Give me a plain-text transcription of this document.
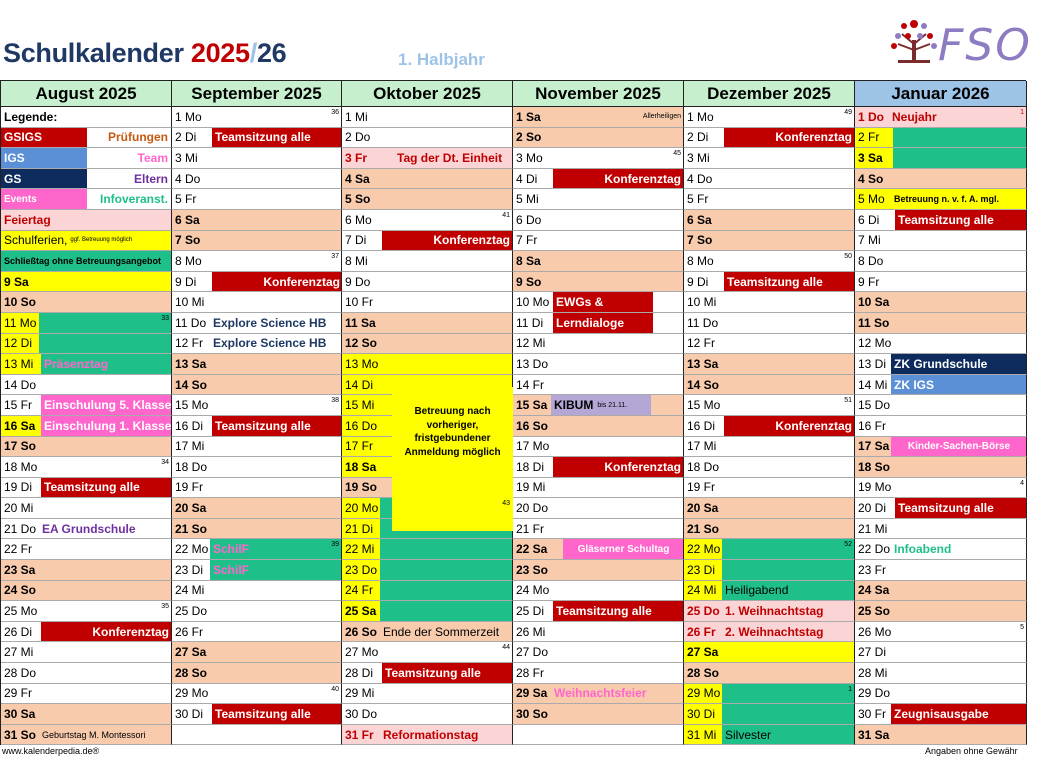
Schulkalender 2025/26	1. Halbjahr	FSO
August 2025
Legende:
GSIGS	Prüfungen
IGS	Team
GS	Eltern
Events	Infoveranst.
Feiertag
Schulferien, ggf. Betreuung möglich
Schließtag ohne Betreuungsangebot
9 Sa
10 So
11 Mo	33
12 Di
13 Mi Präsenztag
14 Do
15 Fr Einschulung 5. Klasse
16 Sa Einschulung 1. Klasse
17 So
18 Mo	34
19 Di Teamsitzung alle
20 Mi
21 Do EA Grundschule
22 Fr
23 Sa
24 So
25 Mo	35
26 Di	Konferenztag
27 Mi
28 Do
29 Fr
30 Sa
31 So Geburtstag M. Montessori
September 2025
1 Mo	36
2 Di Teamsitzung alle
3 Mi
4 Do
5 Fr
6 Sa
7 So
8 Mo	37
9 Di	Konferenztag
10 Mi
11 Do Explore Science HB
12 Fr Explore Science HB
13 Sa
14 So
15 Mo	38
16 Di Teamsitzung alle
17 Mi
18 Do
19 Fr
20 Sa
21 So
22 Mo SchilF	39
23 Di SchilF
24 Mi
25 Do
26 Fr
27 Sa
28 So
29 Mo	40
30 Di Teamsitzung alle
Oktober 2025
1 Mi
2 Do
3 Fr Tag der Dt. Einheit
4 Sa
5 So
6 Mo	41
7 Di	Konferenztag
8 Mi
9 Do
10 Fr
11 Sa
12 So
13 Mo
14 Di
15 Mi
16 Do
17 Fr
18 Sa
19 So
20 Mo	43
21 Di
22 Mi
23 Do
24 Fr
25 Sa
26 So Ende der Sommerzeit
27 Mo	44
28 Di Teamsitzung alle
29 Mi
30 Do
31 Fr Reformationstag
Betreuung nach vorheriger, fristgebundener Anmeldung möglich
November 2025
1 Sa	Allerheiligen
2 So
3 Mo	45
4 Di	Konferenztag
5 Mi
6 Do
7 Fr
8 Sa
9 So
10 Mo EWGs &
11 Di Lerndialoge
12 Mi
13 Do
14 Fr
15 Sa KIBUM bis 21.11.
16 So
17 Mo
18 Di	Konferenztag
19 Mi
20 Do
21 Fr
22 Sa	Gläserner Schultag
23 So
24 Mo
25 Di Teamsitzung alle
26 Mi
27 Do
28 Fr
29 Sa Weihnachtsfeier
30 So
Dezember 2025
1 Mo	49
2 Di	Konferenztag
3 Mi
4 Do
5 Fr
6 Sa
7 So
8 Mo	50
9 Di Teamsitzung alle
10 Mi
11 Do
12 Fr
13 Sa
14 So
15 Mo	51
16 Di	Konferenztag
17 Mi
18 Do
19 Fr
20 Sa
21 So
22 Mo	52
23 Di
24 Mi Heiligabend
25 Do 1. Weihnachtstag
26 Fr 2. Weihnachtstag
27 Sa
28 So
29 Mo	1
30 Di
31 Mi Silvester
Januar 2026
1 Do Neujahr	1
2 Fr
3 Sa
4 So
5 Mo	Betreuung n. v. f. A. mgl.
6 Di Teamsitzung alle
7 Mi
8 Do
9 Fr
10 Sa
11 So
12 Mo
13 Di ZK Grundschule
14 Mi ZK IGS
15 Do
16 Fr
17 Sa	Kinder-Sachen-Börse
18 So
19 Mo	4
20 Di Teamsitzung alle
21 Mi
22 Do Infoabend
23 Fr
24 Sa
25 So
26 Mo	5
27 Di
28 Mi
29 Do
30 Fr Zeugnisausgabe
31 Sa
www.kalenderpedia.de®	Angaben ohne Gewähr
